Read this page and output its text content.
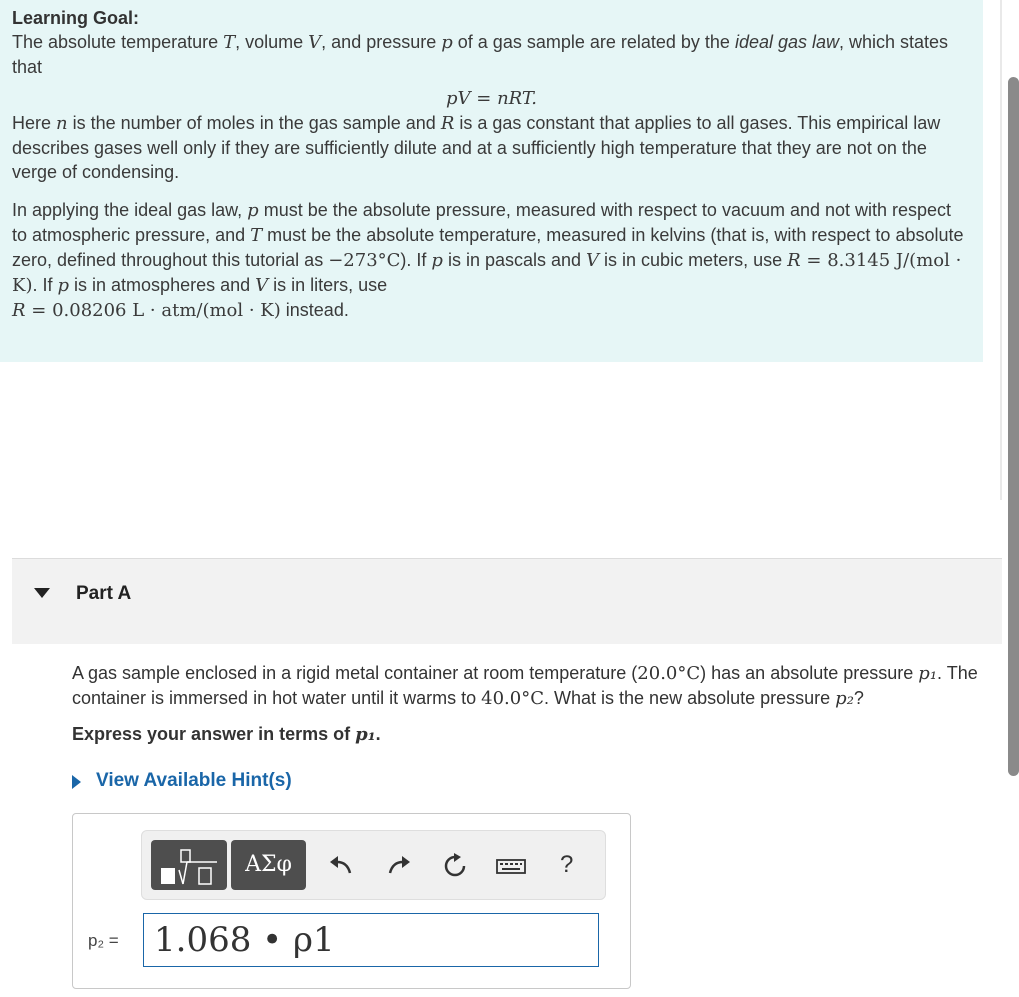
Learning Goal:
The absolute temperature T, volume V, and pressure p of a gas sample are related by the ideal gas law, which states that
pV = nRT.
Here n is the number of moles in the gas sample and R is a gas constant that applies to all gases. This empirical law describes gases well only if they are sufficiently dilute and at a sufficiently high temperature that they are not on the verge of condensing.
In applying the ideal gas law, p must be the absolute pressure, measured with respect to vacuum and not with respect to atmospheric pressure, and T must be the absolute temperature, measured in kelvins (that is, with respect to absolute zero, defined throughout this tutorial as −273°C). If p is in pascals and V is in cubic meters, use R = 8.3145 J/(mol · K). If p is in atmospheres and V is in liters, use
R = 0.08206 L · atm/(mol · K) instead.
Part A
A gas sample enclosed in a rigid metal container at room temperature (20.0°C) has an absolute pressure p₁. The container is immersed in hot water until it warms to 40.0°C. What is the new absolute pressure p₂?
Express your answer in terms of p₁.
View Available Hint(s)
ΑΣφ	?
p₂ =	1.068 • ρ1
